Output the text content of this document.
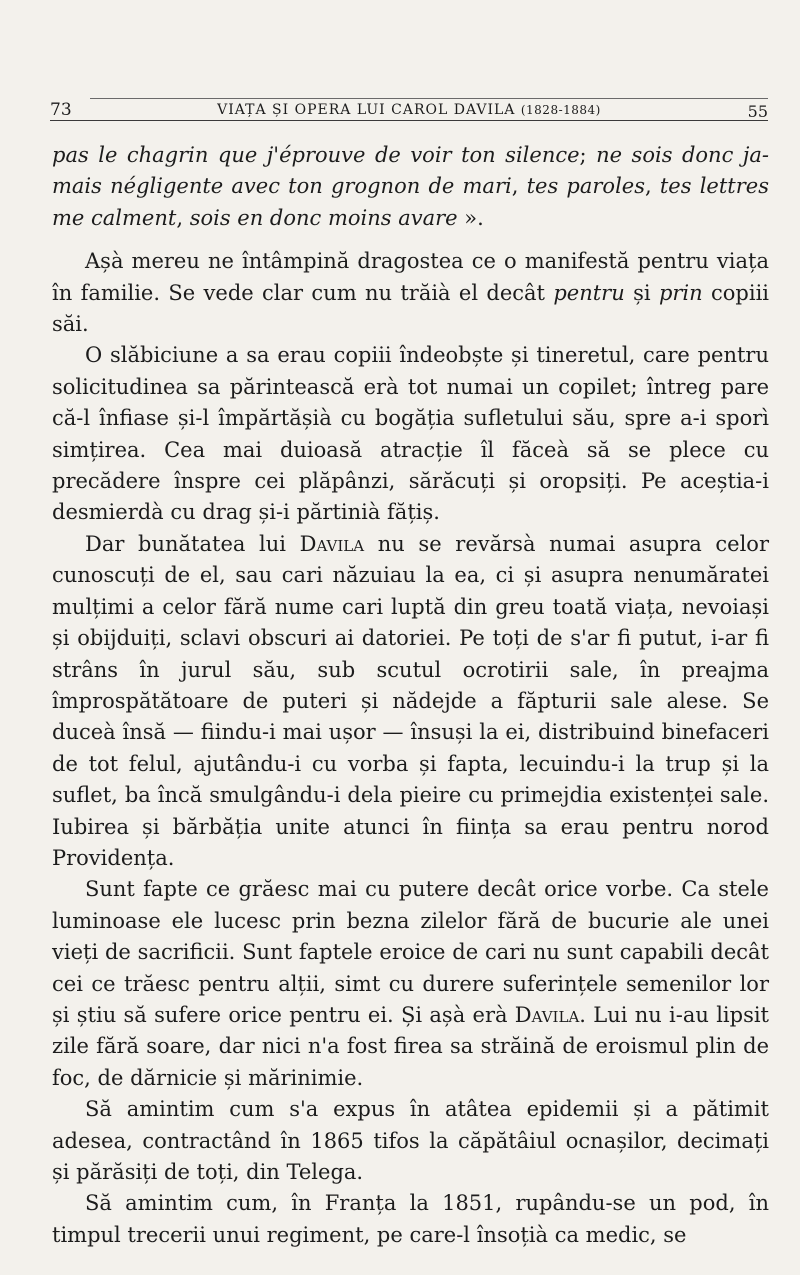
73	VIAȚA ȘI OPERA LUI CAROL DAVILA (1828-1884)	55

pas le chagrin que j'éprouve de voir ton silence; ne sois donc jamais négligente avec ton grognon de mari, tes paroles, tes lettres me calment, sois en donc moins avare ».

Așà mereu ne întâmpină dragostea ce o manifestă pentru viața în familie. Se vede clar cum nu trăià el decât pentru și prin copiii săi.

O slăbiciune a sa erau copiii îndeobște și tineretul, care pentru solicitudinea sa părintească erà tot numai un copilet; întreg pare că-l înfiase și-l împărtășià cu bogăția sufletului său, spre a-i sporì simțirea. Cea mai duioasă atracție îl făceà să se plece cu precădere înspre cei plăpânzi, sărăcuți și oropsiți. Pe aceștia-i desmierdà cu drag și-i părtinià fățiș.

Dar bunătatea lui Davila nu se revărsà numai asupra celor cunoscuți de el, sau cari năzuiau la ea, ci și asupra nenumăratei mulțimi a celor fără nume cari luptă din greu toată viața, nevoiași și obijduiți, sclavi obscuri ai datoriei. Pe toți de s'ar fi putut, i-ar fi strâns în jurul său, sub scutul ocrotirii sale, în preajma împrospătătoare de puteri și nădejde a făpturii sale alese. Se duceà însă — fiindu-i mai ușor — însuși la ei, distribuind binefaceri de tot felul, ajutându-i cu vorba și fapta, lecuindu-i la trup și la suflet, ba încă smulgându-i dela pieire cu primejdia existenței sale. Iubirea și bărbăția unite atunci în ființa sa erau pentru norod Providența.

Sunt fapte ce grăesc mai cu putere decât orice vorbe. Ca stele luminoase ele lucesc prin bezna zilelor fără de bucurie ale unei vieți de sacrificii. Sunt faptele eroice de cari nu sunt capabili decât cei ce trăesc pentru alții, simt cu durere suferințele semenilor lor și știu să sufere orice pentru ei. Și așà erà Davila. Lui nu i-au lipsit zile fără soare, dar nici n'a fost firea sa străină de eroismul plin de foc, de dărnicie și mărinimie.

Să amintim cum s'a expus în atâtea epidemii și a pătimit adesea, contractând în 1865 tifos la căpătâiul ocnașilor, decimați și părăsiți de toți, din Telega.

Să amintim cum, în Franța la 1851, rupându-se un pod, în timpul trecerii unui regiment, pe care-l însoțià ca medic, se
